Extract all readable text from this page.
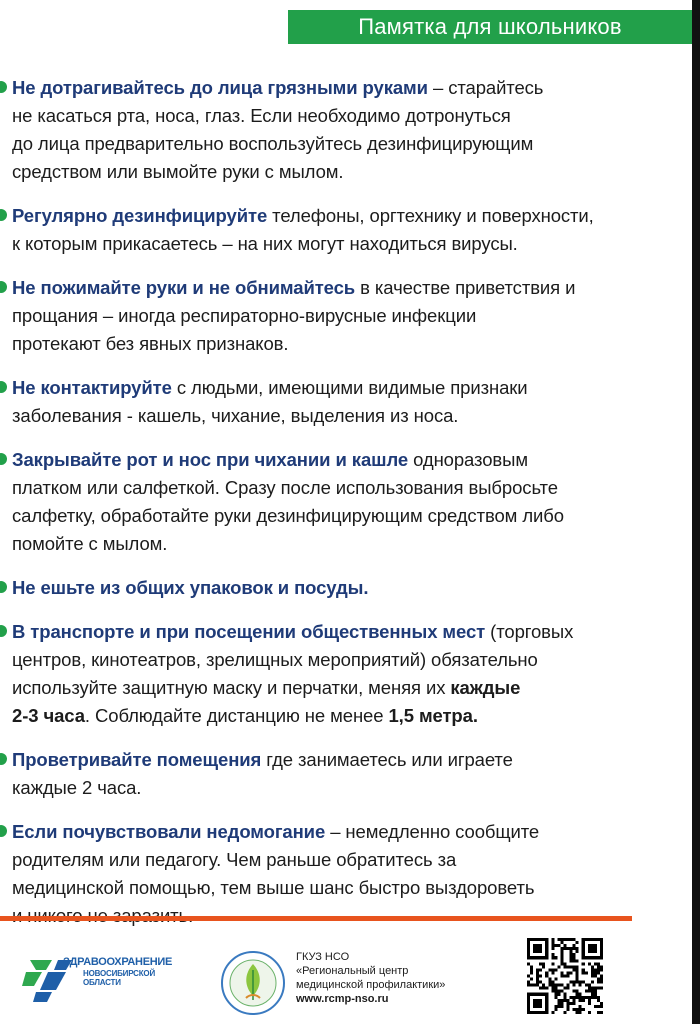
Памятка для школьников

Не дотрагивайтесь до лица грязными руками – старайтесь
не касаться рта, носа, глаз. Если необходимо дотронуться
до лица предварительно воспользуйтесь дезинфицирующим
средством или вымойте руки с мылом.

Регулярно дезинфицируйте телефоны, оргтехнику и поверхности,
к которым прикасаетесь – на них могут находиться вирусы.

Не пожимайте руки и не обнимайтесь в качестве приветствия и
прощания – иногда респираторно-вирусные инфекции
протекают без явных признаков.

Не контактируйте с людьми, имеющими видимые признаки
заболевания - кашель, чихание, выделения из носа.

Закрывайте рот и нос при чихании и кашле одноразовым
платком или салфеткой. Сразу после использования выбросьте
салфетку, обработайте руки дезинфицирующим средством либо
помойте с мылом.

Не ешьте из общих упаковок и посуды.

В транспорте и при посещении общественных мест (торговых
центров, кинотеатров, зрелищных мероприятий) обязательно
используйте защитную маску и перчатки, меняя их каждые
2-3 часа. Соблюдайте дистанцию не менее 1,5 метра.

Проветривайте помещения где занимаетесь или играете
каждые 2 часа.

Если почувствовали недомогание – немедленно сообщите
родителям или педагогу. Чем раньше обратитесь за
медицинской помощью, тем выше шанс быстро выздороветь

ЗДРАВООХРАНЕНИЕ
НОВОСИБИРСКОЙ ОБЛАСТИ
ГКУЗ НСО
«Региональный центр
медицинской профилактики»
www.rcmp-nso.ru
